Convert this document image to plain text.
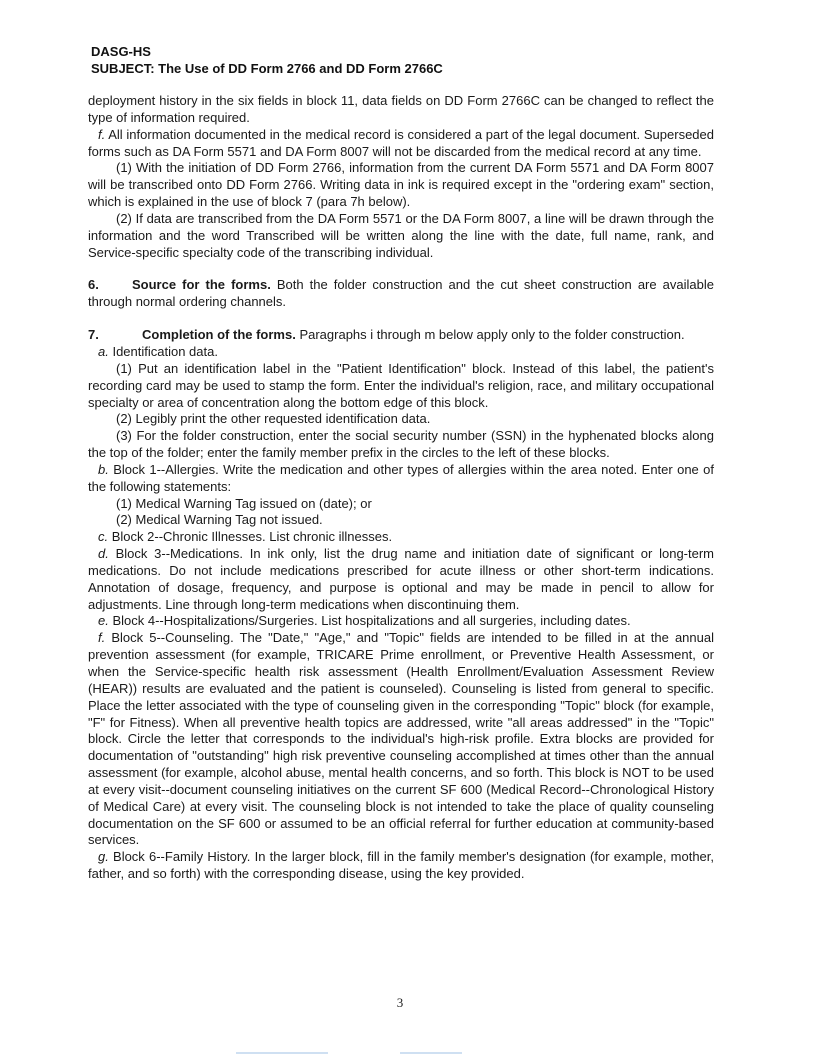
DASG-HS
SUBJECT: The Use of DD Form 2766 and DD Form 2766C

deployment history in the six fields in block 11, data fields on DD Form 2766C can be changed to reflect the type of information required.

f. All information documented in the medical record is considered a part of the legal document. Superseded forms such as DA Form 5571 and DA Form 8007 will not be discarded from the medical record at any time.

(1) With the initiation of DD Form 2766, information from the current DA Form 5571 and DA Form 8007 will be transcribed onto DD Form 2766. Writing data in ink is required except in the "ordering exam" section, which is explained in the use of block 7 (para 7h below).

(2) If data are transcribed from the DA Form 5571 or the DA Form 8007, a line will be drawn through the information and the word Transcribed will be written along the line with the date, full name, rank, and Service-specific specialty code of the transcribing individual.

6.	Source for the forms. Both the folder construction and the cut sheet construction are available through normal ordering channels.

7.	Completion of the forms. Paragraphs i through m below apply only to the folder construction.

a. Identification data.

(1) Put an identification label in the "Patient Identification" block. Instead of this label, the patient's recording card may be used to stamp the form. Enter the individual's religion, race, and military occupational specialty or area of concentration along the bottom edge of this block.

(2) Legibly print the other requested identification data.

(3) For the folder construction, enter the social security number (SSN) in the hyphenated blocks along the top of the folder; enter the family member prefix in the circles to the left of these blocks.

b. Block 1--Allergies. Write the medication and other types of allergies within the area noted. Enter one of the following statements:

(1) Medical Warning Tag issued on (date); or

(2) Medical Warning Tag not issued.

c. Block 2--Chronic Illnesses. List chronic illnesses.

d. Block 3--Medications. In ink only, list the drug name and initiation date of significant or long-term medications. Do not include medications prescribed for acute illness or other short-term indications. Annotation of dosage, frequency, and purpose is optional and may be made in pencil to allow for adjustments. Line through long-term medications when discontinuing them.

e. Block 4--Hospitalizations/Surgeries. List hospitalizations and all surgeries, including dates.

f. Block 5--Counseling. The "Date," "Age," and "Topic" fields are intended to be filled in at the annual prevention assessment (for example, TRICARE Prime enrollment, or Preventive Health Assessment, or when the Service-specific health risk assessment (Health Enrollment/Evaluation Assessment Review (HEAR)) results are evaluated and the patient is counseled). Counseling is listed from general to specific. Place the letter associated with the type of counseling given in the corresponding "Topic" block (for example, "F" for Fitness). When all preventive health topics are addressed, write "all areas addressed" in the "Topic" block. Circle the letter that corresponds to the individual's high-risk profile. Extra blocks are provided for documentation of "outstanding" high risk preventive counseling accomplished at times other than the annual assessment (for example, alcohol abuse, mental health concerns, and so forth. This block is NOT to be used at every visit--document counseling initiatives on the current SF 600 (Medical Record--Chronological History of Medical Care) at every visit. The counseling block is not intended to take the place of quality counseling documentation on the SF 600 or assumed to be an official referral for further education at community-based services.

g. Block 6--Family History. In the larger block, fill in the family member's designation (for example, mother, father, and so forth) with the corresponding disease, using the key provided.

3
